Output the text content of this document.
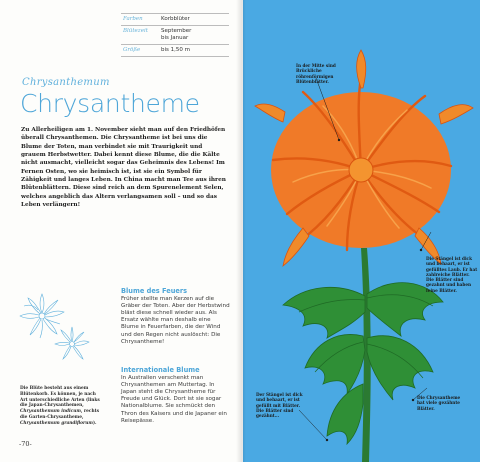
Farben	Korbblüter
Blütezeit	September
bis Januar
Größe	bis 1,50 m
Chrysanthemum
Chrysantheme

Zu Allerheiligen am 1. November sieht man auf den Friedhöfen überall Chrysanthemen. Die Chrysantheme ist bei uns die Blume der Toten, man verbindet sie mit Traurigkeit und grauem Herbstwetter. Dabei kennt diese Blume, die die Kälte nicht ausmacht, vielleicht sogar das Geheimnis des Lebens! Im Fernen Osten, wo sie heimisch ist, ist sie ein Symbol für Zähigkeit und langes Leben. In China macht man Tee aus ihren Blütenblättern. Diese sind reich an dem Spurenelement Selen, welches angeblich das Altern verlangsamen soll – und so das Leben verlängern!

Die Blüte besteht aus einem Blütenkorb. Es können, je nach Art unterschiedliche Arten (links die Japan-Chrysanthemen, Chrysanthemum indicum, rechts die Garten-Chrysantheme, Chrysanthemum grandiflorum).

Blume des Feuers

Früher stellte man Kerzen auf die Gräber der Toten. Aber der Herbstwind bläst diese schnell wieder aus. Als Ersatz wählte man deshalb eine Blume in Feuerfarben, die der Wind und den Regen nicht auslöscht: Die Chrysantheme!

Internationale Blume

In Australien verschenkt man Chrysanthemen am Muttertag. In Japan steht die Chrysantheme für Freude und Glück. Dort ist sie sogar Nationalblume. Sie schmückt den Thron des Kaisers und die Japaner ein Reisepässe.

-70-
In der Mitte sind Brückliche röhrenförmigen Blütenblätter.
Die Stängel ist dick und behaart, er ist gefülltes Laub. Er hat zahlreiche Blätter. Die Blätter sind gezahnt und haben feine Blätter.
Der Stängel ist dick und behaart, er ist gefüllt mit Blätter. Die Blätter sind gezähnt...
Die Chrysantheme hat viele gezähnte Blätter.
